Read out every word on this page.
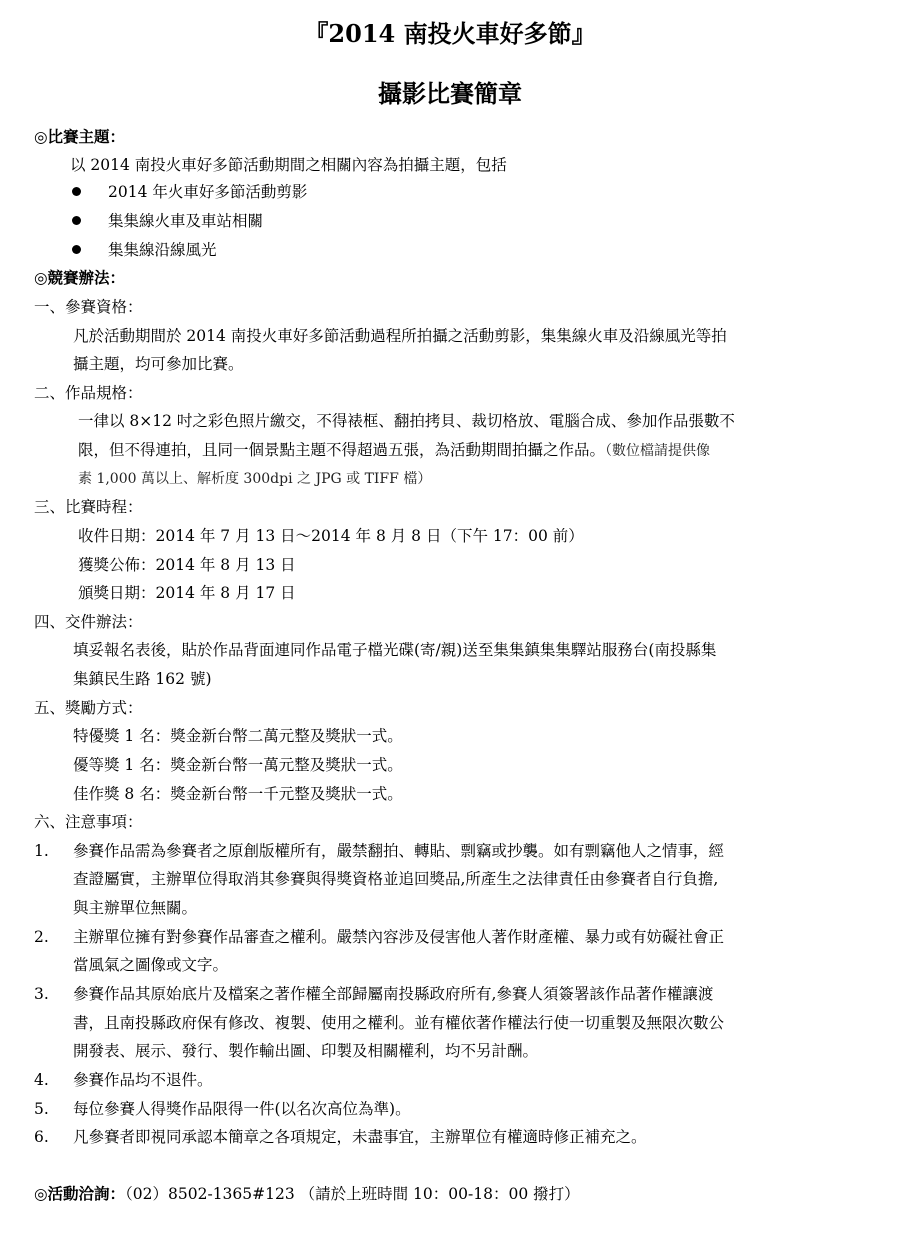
『2014 南投火車好多節』
攝影比賽簡章
◎比賽主題：
以 2014 南投火車好多節活動期間之相關內容為拍攝主題，包括
2014 年火車好多節活動剪影
集集線火車及車站相關
集集線沿線風光
◎競賽辦法：
一、參賽資格：
凡於活動期間於 2014 南投火車好多節活動過程所拍攝之活動剪影，集集線火車及沿線風光等拍
攝主題，均可參加比賽。
二、作品規格：
一律以 8×12 吋之彩色照片繳交，不得裱框、翻拍拷貝、裁切格放、電腦合成、參加作品張數不
限，但不得連拍，且同一個景點主題不得超過五張，為活動期間拍攝之作品。（數位檔請提供像
素 1,000 萬以上、解析度 300dpi 之 JPG 或 TIFF 檔）
三、比賽時程：
收件日期：2014 年 7 月 13 日～2014 年 8 月 8 日（下午 17：00 前）
獲獎公佈：2014 年 8 月 13 日
頒獎日期：2014 年 8 月 17 日
四、交件辦法：
填妥報名表後，貼於作品背面連同作品電子檔光碟(寄/親)送至集集鎮集集驛站服務台(南投縣集
集鎮民生路 162 號)
五、獎勵方式：
特優獎 1 名：獎金新台幣二萬元整及獎狀一式。
優等獎 1 名：獎金新台幣一萬元整及獎狀一式。
佳作獎 8 名：獎金新台幣一千元整及獎狀一式。
六、注意事項：
1. 參賽作品需為參賽者之原創版權所有，嚴禁翻拍、轉貼、剽竊或抄襲。如有剽竊他人之情事，經
查證屬實，主辦單位得取消其參賽與得獎資格並追回獎品,所產生之法律責任由參賽者自行負擔,
與主辦單位無關。
2. 主辦單位擁有對參賽作品審查之權利。嚴禁內容涉及侵害他人著作財產權、暴力或有妨礙社會正
當風氣之圖像或文字。
3. 參賽作品其原始底片及檔案之著作權全部歸屬南投縣政府所有,參賽人須簽署該作品著作權讓渡
書，且南投縣政府保有修改、複製、使用之權利。並有權依著作權法行使一切重製及無限次數公
開發表、展示、發行、製作輸出圖、印製及相關權利，均不另計酬。
4. 參賽作品均不退件。
5. 每位參賽人得獎作品限得一件(以名次高位為準)。
6. 凡參賽者即視同承認本簡章之各項規定，未盡事宜，主辦單位有權適時修正補充之。
◎活動洽詢：（02）8502-1365#123 （請於上班時間 10：00-18：00 撥打）
